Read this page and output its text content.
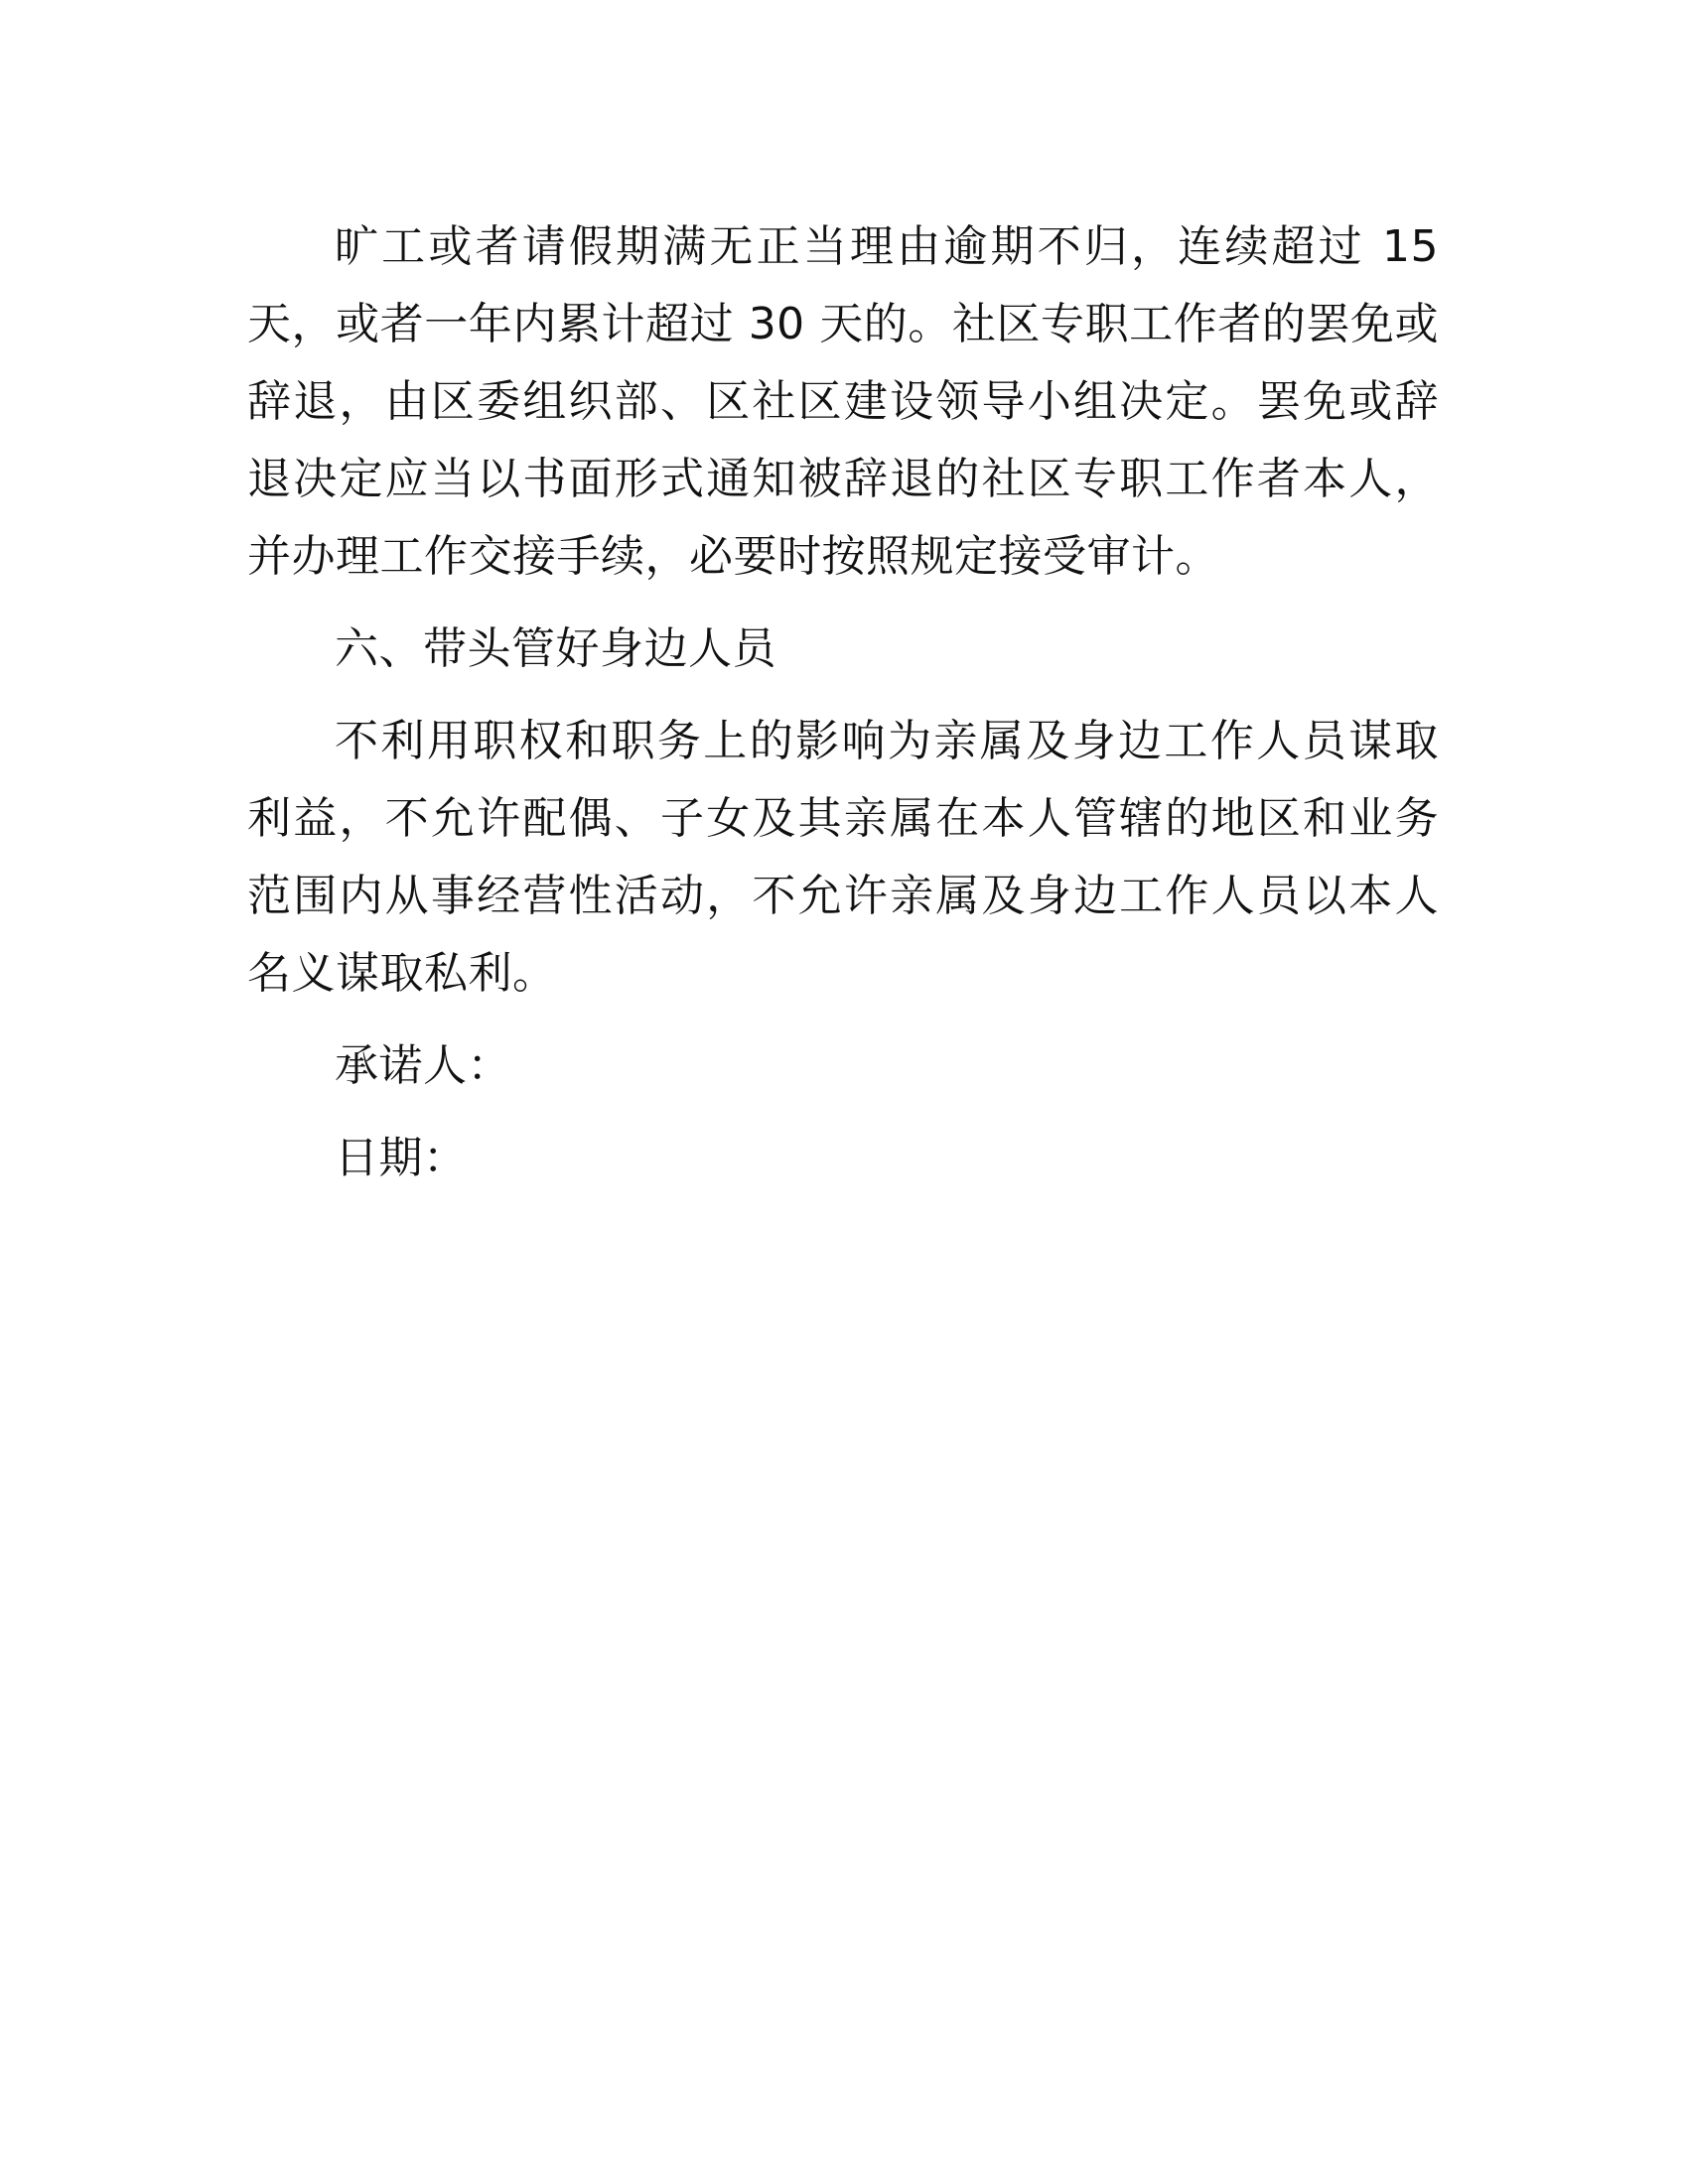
旷工或者请假期满无正当理由逾期不归，连续超过 15 天，或者一年内累计超过 30 天的。社区专职工作者的罢免或辞退，由区委组织部、区社区建设领导小组决定。罢免或辞退决定应当以书面形式通知被辞退的社区专职工作者本人，并办理工作交接手续，必要时按照规定接受审计。

六、带头管好身边人员

不利用职权和职务上的影响为亲属及身边工作人员谋取利益，不允许配偶、子女及其亲属在本人管辖的地区和业务范围内从事经营性活动，不允许亲属及身边工作人员以本人名义谋取私利。

承诺人：

日期：
